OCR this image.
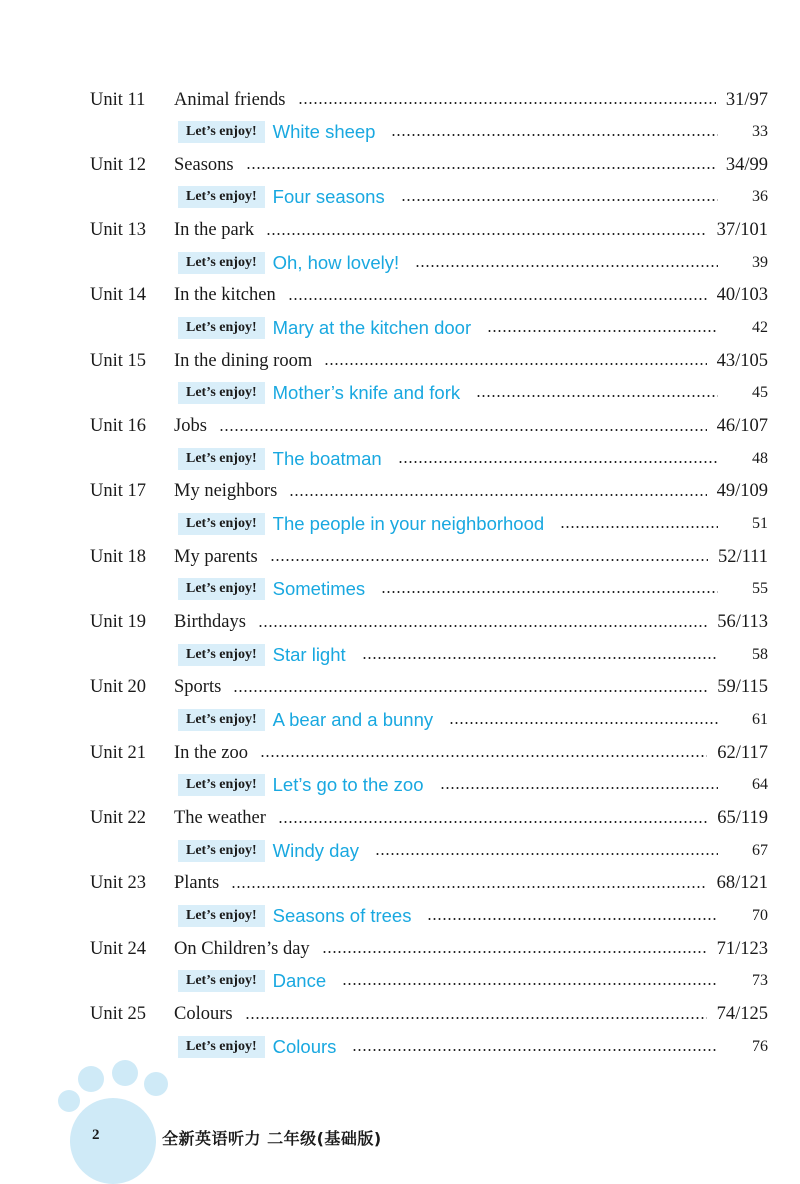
Unit 11	Animal friends	31/97
Let’s enjoy! White sheep	33
Unit 12	Seasons	34/99
Let’s enjoy! Four seasons	36
Unit 13	In the park	37/101
Let’s enjoy! Oh, how lovely!	39
Unit 14	In the kitchen	40/103
Let’s enjoy! Mary at the kitchen door	42
Unit 15	In the dining room	43/105
Let’s enjoy! Mother’s knife and fork	45
Unit 16	Jobs	46/107
Let’s enjoy! The boatman	48
Unit 17	My neighbors	49/109
Let’s enjoy! The people in your neighborhood	51
Unit 18	My parents	52/111
Let’s enjoy! Sometimes	55
Unit 19	Birthdays	56/113
Let’s enjoy! Star light	58
Unit 20	Sports	59/115
Let’s enjoy! A bear and a bunny	61
Unit 21	In the zoo	62/117
Let’s enjoy! Let’s go to the zoo	64
Unit 22	The weather	65/119
Let’s enjoy! Windy day	67
Unit 23	Plants	68/121
Let’s enjoy! Seasons of trees	70
Unit 24	On Children’s day	71/123
Let’s enjoy! Dance	73
Unit 25	Colours	74/125
Let’s enjoy! Colours	76
2	全新英语听力 二年级(基础版)
